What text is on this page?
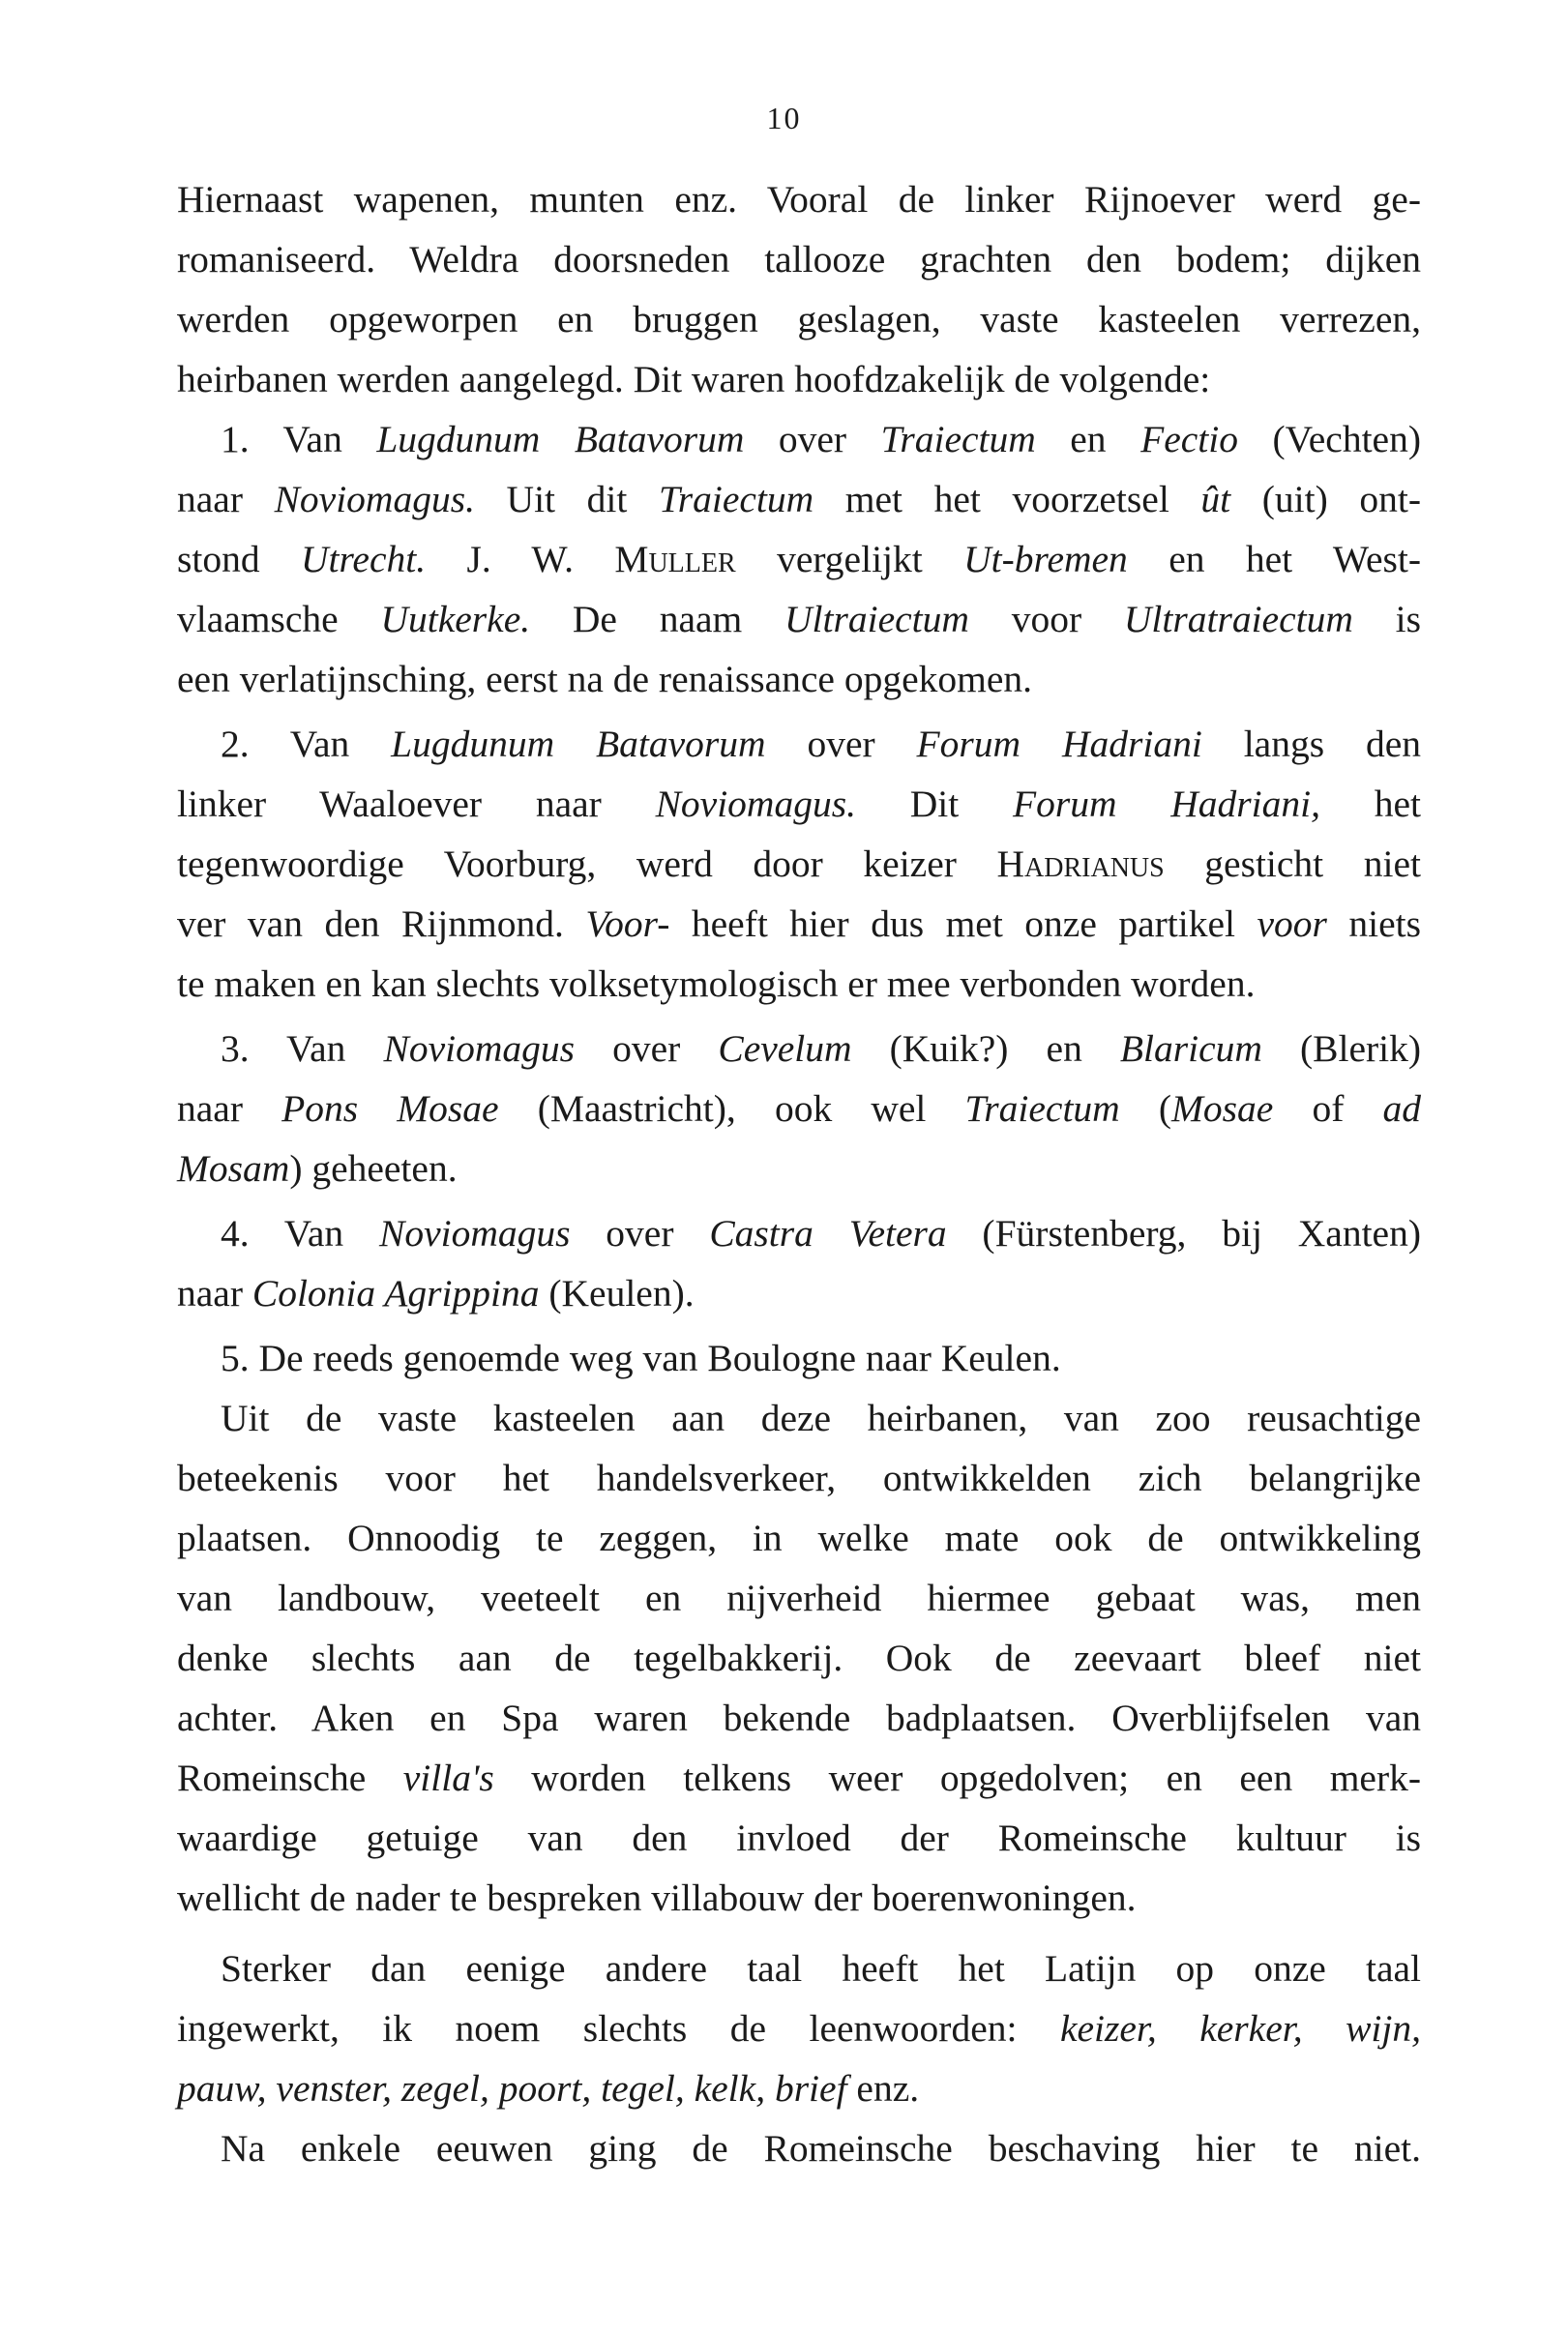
10
Hiernaast wapenen, munten enz. Vooral de linker Rijnoever werd ge-
romaniseerd. Weldra doorsneden tallooze grachten den bodem; dijken
werden opgeworpen en bruggen geslagen, vaste kasteelen verrezen,
heirbanen werden aangelegd. Dit waren hoofdzakelijk de volgende:
1. Van Lugdunum Batavorum over Traiectum en Fectio (Vechten)
naar Noviomagus. Uit dit Traiectum met het voorzetsel ût (uit) ont-
stond Utrecht. J. W. Muller vergelijkt Ut-bremen en het West-
vlaamsche Uutkerke. De naam Ultraiectum voor Ultratraiectum is
een verlatijnsching, eerst na de renaissance opgekomen.
2. Van Lugdunum Batavorum over Forum Hadriani langs den
linker Waaloever naar Noviomagus. Dit Forum Hadriani, het
tegenwoordige Voorburg, werd door keizer Hadrianus gesticht niet
ver van den Rijnmond. Voor- heeft hier dus met onze partikel voor niets
te maken en kan slechts volksetymologisch er mee verbonden worden.
3. Van Noviomagus over Cevelum (Kuik?) en Blaricum (Blerik)
naar Pons Mosae (Maastricht), ook wel Traiectum (Mosae of ad
Mosam) geheeten.
4. Van Noviomagus over Castra Vetera (Fürstenberg, bij Xanten)
naar Colonia Agrippina (Keulen).
5. De reeds genoemde weg van Boulogne naar Keulen.
Uit de vaste kasteelen aan deze heirbanen, van zoo reusachtige
beteekenis voor het handelsverkeer, ontwikkelden zich belangrijke
plaatsen. Onnoodig te zeggen, in welke mate ook de ontwikkeling
van landbouw, veeteelt en nijverheid hiermee gebaat was, men
denke slechts aan de tegelbakkerij. Ook de zeevaart bleef niet
achter. Aken en Spa waren bekende badplaatsen. Overblijfselen van
Romeinsche villa's worden telkens weer opgedolven; en een merk-
waardige getuige van den invloed der Romeinsche kultuur is
wellicht de nader te bespreken villabouw der boerenwoningen.
Sterker dan eenige andere taal heeft het Latijn op onze taal
ingewerkt, ik noem slechts de leenwoorden: keizer, kerker, wijn,
pauw, venster, zegel, poort, tegel, kelk, brief enz.
Na enkele eeuwen ging de Romeinsche beschaving hier te niet.
